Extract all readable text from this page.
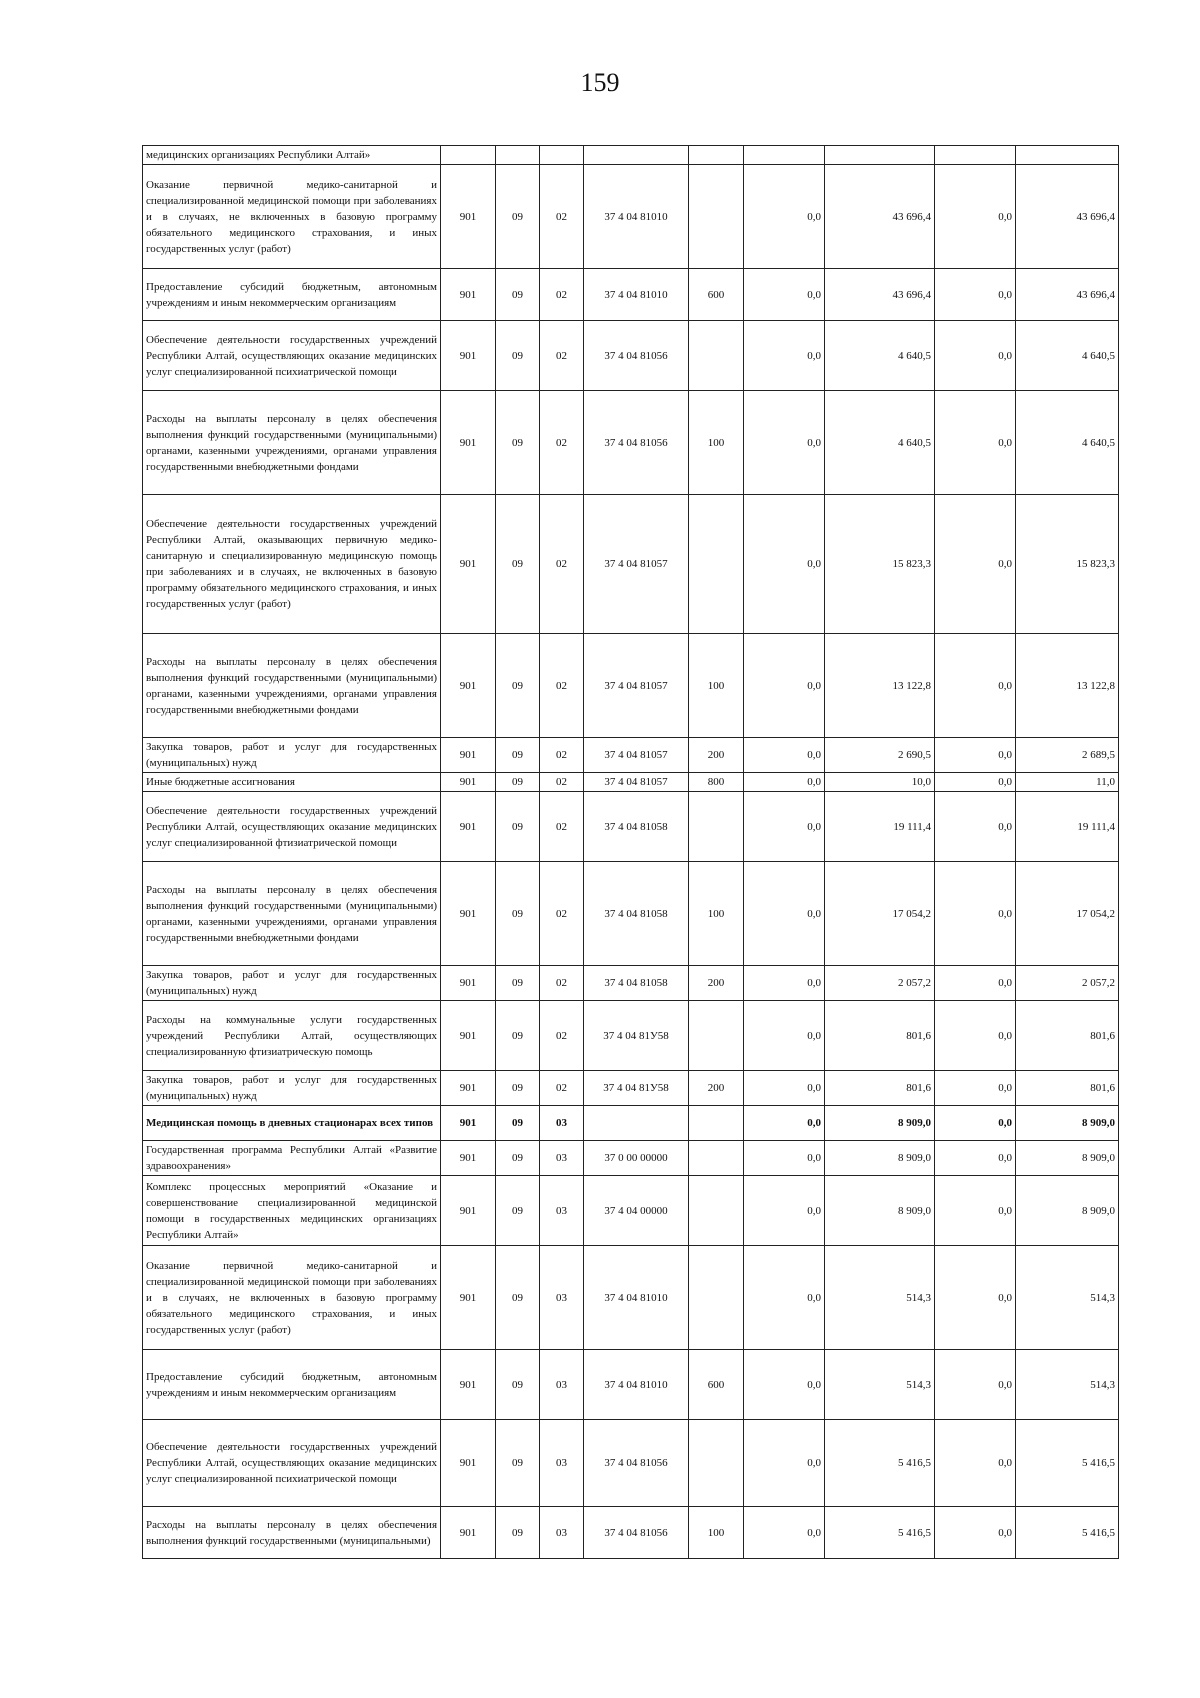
159
медицинских организациях Республики Алтай»									
Оказание первичной медико-санитарной и специализированной медицинской помощи при заболеваниях и в случаях, не включенных в базовую программу обязательного медицинского страхования, и иных государственных услуг (работ)	901	09	02	37 4 04 81010		0,0	43 696,4	0,0	43 696,4
Предоставление субсидий бюджетным, автономным учреждениям и иным некоммерческим организациям	901	09	02	37 4 04 81010	600	0,0	43 696,4	0,0	43 696,4
Обеспечение деятельности государственных учреждений Республики Алтай, осуществляющих оказание медицинских услуг специализированной психиатрической помощи	901	09	02	37 4 04 81056		0,0	4 640,5	0,0	4 640,5
Расходы на выплаты персоналу в целях обеспечения выполнения функций государственными (муниципальными) органами, казенными учреждениями, органами управления государственными внебюджетными фондами	901	09	02	37 4 04 81056	100	0,0	4 640,5	0,0	4 640,5
Обеспечение деятельности государственных учреждений Республики Алтай, оказывающих первичную медико-санитарную и специализированную медицинскую помощь при заболеваниях и в случаях, не включенных в базовую программу обязательного медицинского страхования, и иных государственных услуг (работ)	901	09	02	37 4 04 81057		0,0	15 823,3	0,0	15 823,3
Расходы на выплаты персоналу в целях обеспечения выполнения функций государственными (муниципальными) органами, казенными учреждениями, органами управления государственными внебюджетными фондами	901	09	02	37 4 04 81057	100	0,0	13 122,8	0,0	13 122,8
Закупка товаров, работ и услуг для государственных (муниципальных) нужд	901	09	02	37 4 04 81057	200	0,0	2 690,5	0,0	2 689,5
Иные бюджетные ассигнования	901	09	02	37 4 04 81057	800	0,0	10,0	0,0	11,0
Обеспечение деятельности государственных учреждений Республики Алтай, осуществляющих оказание медицинских услуг специализированной фтизиатрической помощи	901	09	02	37 4 04 81058		0,0	19 111,4	0,0	19 111,4
Расходы на выплаты персоналу в целях обеспечения выполнения функций государственными (муниципальными) органами, казенными учреждениями, органами управления государственными внебюджетными фондами	901	09	02	37 4 04 81058	100	0,0	17 054,2	0,0	17 054,2
Закупка товаров, работ и услуг для государственных (муниципальных) нужд	901	09	02	37 4 04 81058	200	0,0	2 057,2	0,0	2 057,2
Расходы на коммунальные услуги государственных учреждений Республики Алтай, осуществляющих специализированную фтизиатрическую помощь	901	09	02	37 4 04 81У58		0,0	801,6	0,0	801,6
Закупка товаров, работ и услуг для государственных (муниципальных) нужд	901	09	02	37 4 04 81У58	200	0,0	801,6	0,0	801,6
Медицинская помощь в дневных стационарах всех типов	901	09	03			0,0	8 909,0	0,0	8 909,0
Государственная программа Республики Алтай «Развитие здравоохранения»	901	09	03	37 0 00 00000		0,0	8 909,0	0,0	8 909,0
Комплекс процессных мероприятий «Оказание и совершенствование специализированной медицинской помощи в государственных медицинских организациях Республики Алтай»	901	09	03	37 4 04 00000		0,0	8 909,0	0,0	8 909,0
Оказание первичной медико-санитарной и специализированной медицинской помощи при заболеваниях и в случаях, не включенных в базовую программу обязательного медицинского страхования, и иных государственных услуг (работ)	901	09	03	37 4 04 81010		0,0	514,3	0,0	514,3
Предоставление субсидий бюджетным, автономным учреждениям и иным некоммерческим организациям	901	09	03	37 4 04 81010	600	0,0	514,3	0,0	514,3
Обеспечение деятельности государственных учреждений Республики Алтай, осуществляющих оказание медицинских услуг специализированной психиатрической помощи	901	09	03	37 4 04 81056		0,0	5 416,5	0,0	5 416,5
Расходы на выплаты персоналу в целях обеспечения выполнения функций государственными (муниципальными)	901	09	03	37 4 04 81056	100	0,0	5 416,5	0,0	5 416,5
